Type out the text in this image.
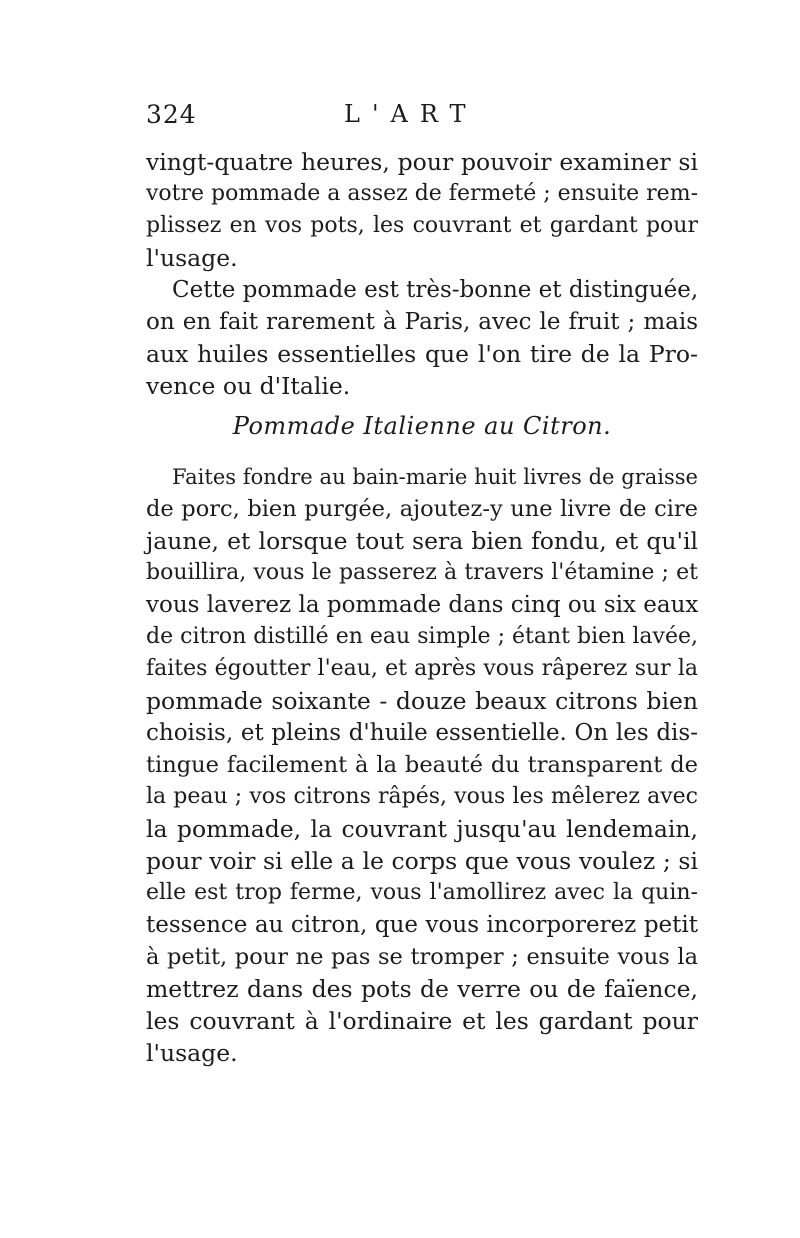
324	L'ART
vingt-quatre heures, pour pouvoir examiner si
votre pommade a assez de fermeté ; ensuite rem-
plissez en vos pots, les couvrant et gardant pour
l'usage.
Cette pommade est très-bonne et distinguée,
on en fait rarement à Paris, avec le fruit ; mais
aux huiles essentielles que l'on tire de la Pro-
vence ou d'Italie.
Pommade Italienne au Citron.
Faites fondre au bain-marie huit livres de graisse
de porc, bien purgée, ajoutez-y une livre de cire
jaune, et lorsque tout sera bien fondu, et qu'il
bouillira, vous le passerez à travers l'étamine ; et
vous laverez la pommade dans cinq ou six eaux
de citron distillé en eau simple ; étant bien lavée,
faites égoutter l'eau, et après vous râperez sur la
pommade soixante - douze beaux citrons bien
choisis, et pleins d'huile essentielle. On les dis-
tingue facilement à la beauté du transparent de
la peau ; vos citrons râpés, vous les mêlerez avec
la pommade, la couvrant jusqu'au lendemain,
pour voir si elle a le corps que vous voulez ; si
elle est trop ferme, vous l'amollirez avec la quin-
tessence au citron, que vous incorporerez petit
à petit, pour ne pas se tromper ; ensuite vous la
mettrez dans des pots de verre ou de faïence,
les couvrant à l'ordinaire et les gardant pour
l'usage.
